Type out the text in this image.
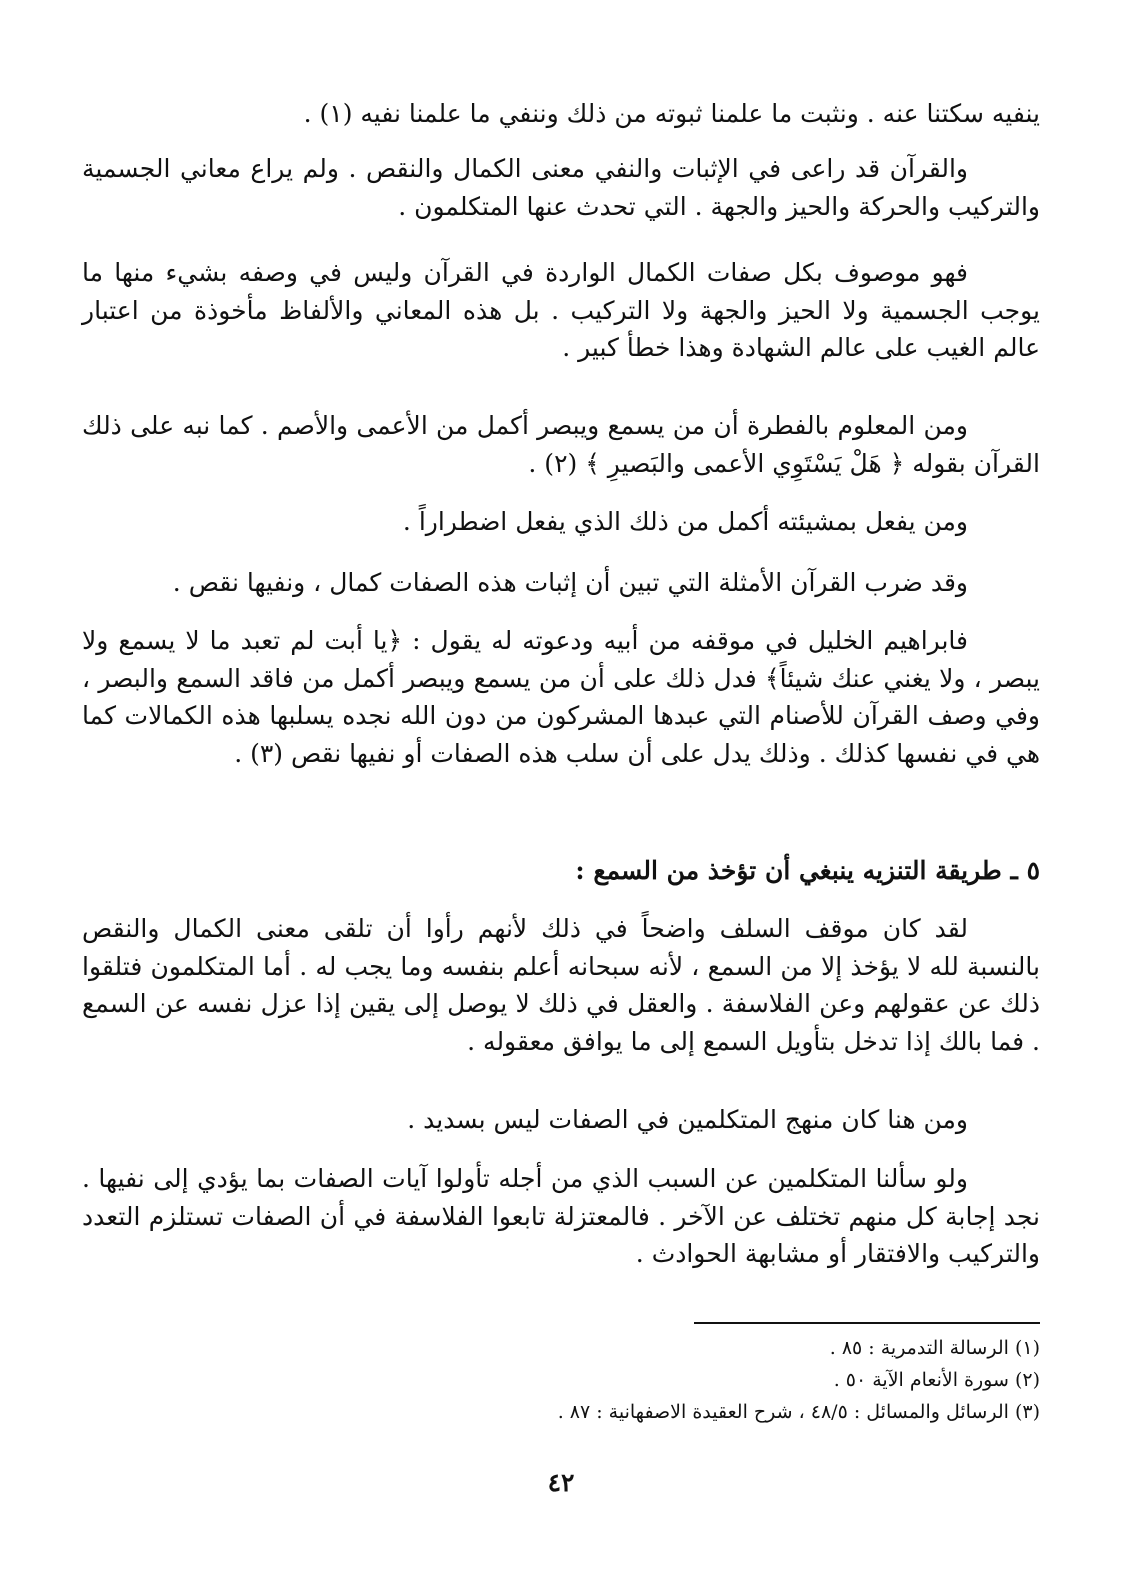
ينفيه سكتنا عنه . ونثبت ما علمنا ثبوته من ذلك وننفي ما علمنا نفيه (١) .

والقرآن قد راعى في الإثبات والنفي معنى الكمال والنقص . ولم يراع معاني الجسمية والتركيب والحركة والحيز والجهة . التي تحدث عنها المتكلمون .

فهو موصوف بكل صفات الكمال الواردة في القرآن وليس في وصفه بشيء منها ما يوجب الجسمية ولا الحيز والجهة ولا التركيب . بل هذه المعاني والألفاظ مأخوذة من اعتبار عالم الغيب على عالم الشهادة وهذا خطأ كبير .

ومن المعلوم بالفطرة أن من يسمع ويبصر أكمل من الأعمى والأصم . كما نبه على ذلك القرآن بقوله ﴿ هَلْ يَسْتَوِي الأعمى والبَصيرِ ﴾ (٢) .

ومن يفعل بمشيئته أكمل من ذلك الذي يفعل اضطراراً .

وقد ضرب القرآن الأمثلة التي تبين أن إثبات هذه الصفات كمال ، ونفيها نقص .

فابراهيم الخليل في موقفه من أبيه ودعوته له يقول : ﴿يا أبت لم تعبد ما لا يسمع ولا يبصر ، ولا يغني عنك شيئاً﴾ فدل ذلك على أن من يسمع ويبصر أكمل من فاقد السمع والبصر ، وفي وصف القرآن للأصنام التي عبدها المشركون من دون الله نجده يسلبها هذه الكمالات كما هي في نفسها كذلك . وذلك يدل على أن سلب هذه الصفات أو نفيها نقص (٣) .

٥ ـ طريقة التنزيه ينبغي أن تؤخذ من السمع :

لقد كان موقف السلف واضحاً في ذلك لأنهم رأوا أن تلقى معنى الكمال والنقص بالنسبة لله لا يؤخذ إلا من السمع ، لأنه سبحانه أعلم بنفسه وما يجب له . أما المتكلمون فتلقوا ذلك عن عقولهم وعن الفلاسفة . والعقل في ذلك لا يوصل إلى يقين إذا عزل نفسه عن السمع . فما بالك إذا تدخل بتأويل السمع إلى ما يوافق معقوله .

ومن هنا كان منهج المتكلمين في الصفات ليس بسديد .

ولو سألنا المتكلمين عن السبب الذي من أجله تأولوا آيات الصفات بما يؤدي إلى نفيها . نجد إجابة كل منهم تختلف عن الآخر . فالمعتزلة تابعوا الفلاسفة في أن الصفات تستلزم التعدد والتركيب والافتقار أو مشابهة الحوادث .

(١) الرسالة التدمرية : ٨٥ .
(٢) سورة الأنعام الآية ٥٠ .
(٣) الرسائل والمسائل : ٤٨/٥ ، شرح العقيدة الاصفهانية : ٨٧ .
٤٢
